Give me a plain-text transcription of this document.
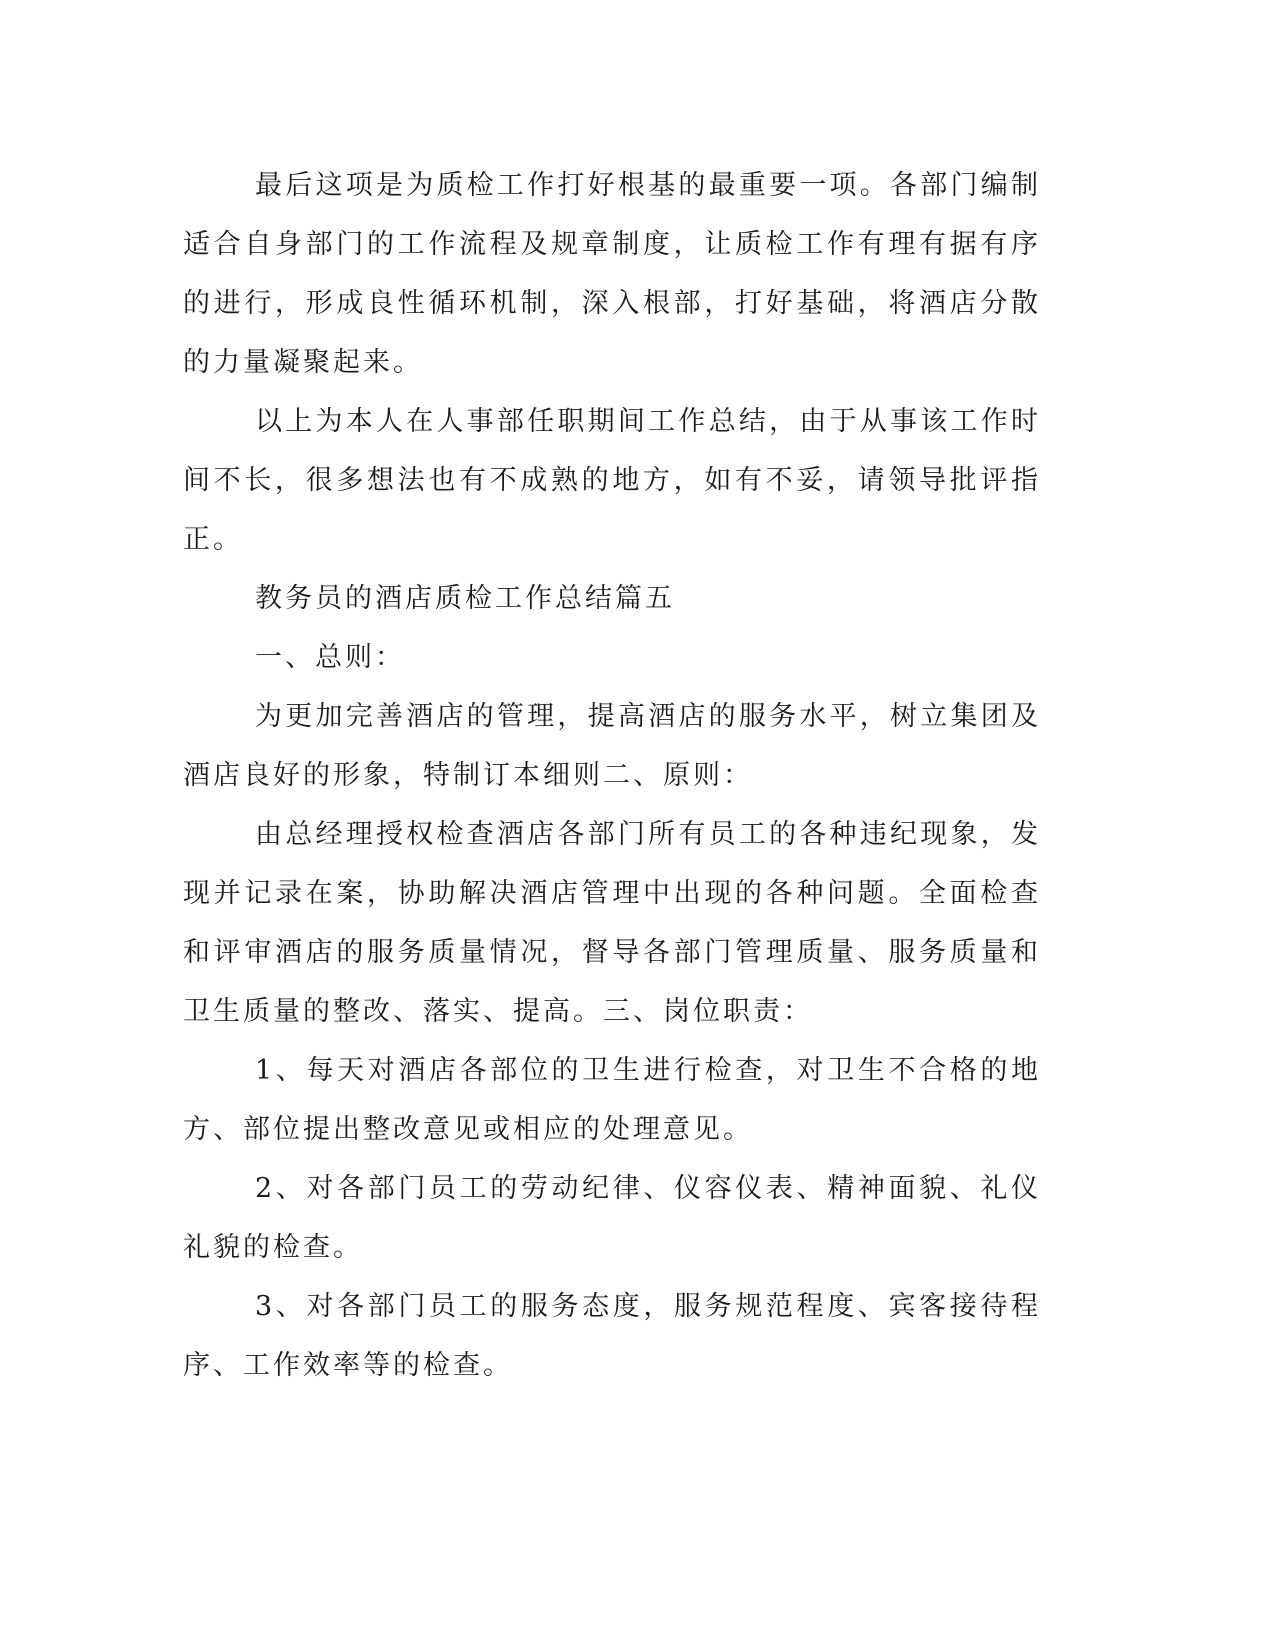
最后这项是为质检工作打好根基的最重要一项。各部门编制适合自身部门的工作流程及规章制度，让质检工作有理有据有序的进行，形成良性循环机制，深入根部，打好基础，将酒店分散的力量凝聚起来。

以上为本人在人事部任职期间工作总结，由于从事该工作时间不长，很多想法也有不成熟的地方，如有不妥，请领导批评指正。

教务员的酒店质检工作总结篇五

一、总则：

为更加完善酒店的管理，提高酒店的服务水平，树立集团及酒店良好的形象，特制订本细则二、原则：

由总经理授权检查酒店各部门所有员工的各种违纪现象，发现并记录在案，协助解决酒店管理中出现的各种问题。全面检查和评审酒店的服务质量情况，督导各部门管理质量、服务质量和卫生质量的整改、落实、提高。三、岗位职责：

1、每天对酒店各部位的卫生进行检查，对卫生不合格的地方、部位提出整改意见或相应的处理意见。

2、对各部门员工的劳动纪律、仪容仪表、精神面貌、礼仪礼貌的检查。

3、对各部门员工的服务态度，服务规范程度、宾客接待程序、工作效率等的检查。
